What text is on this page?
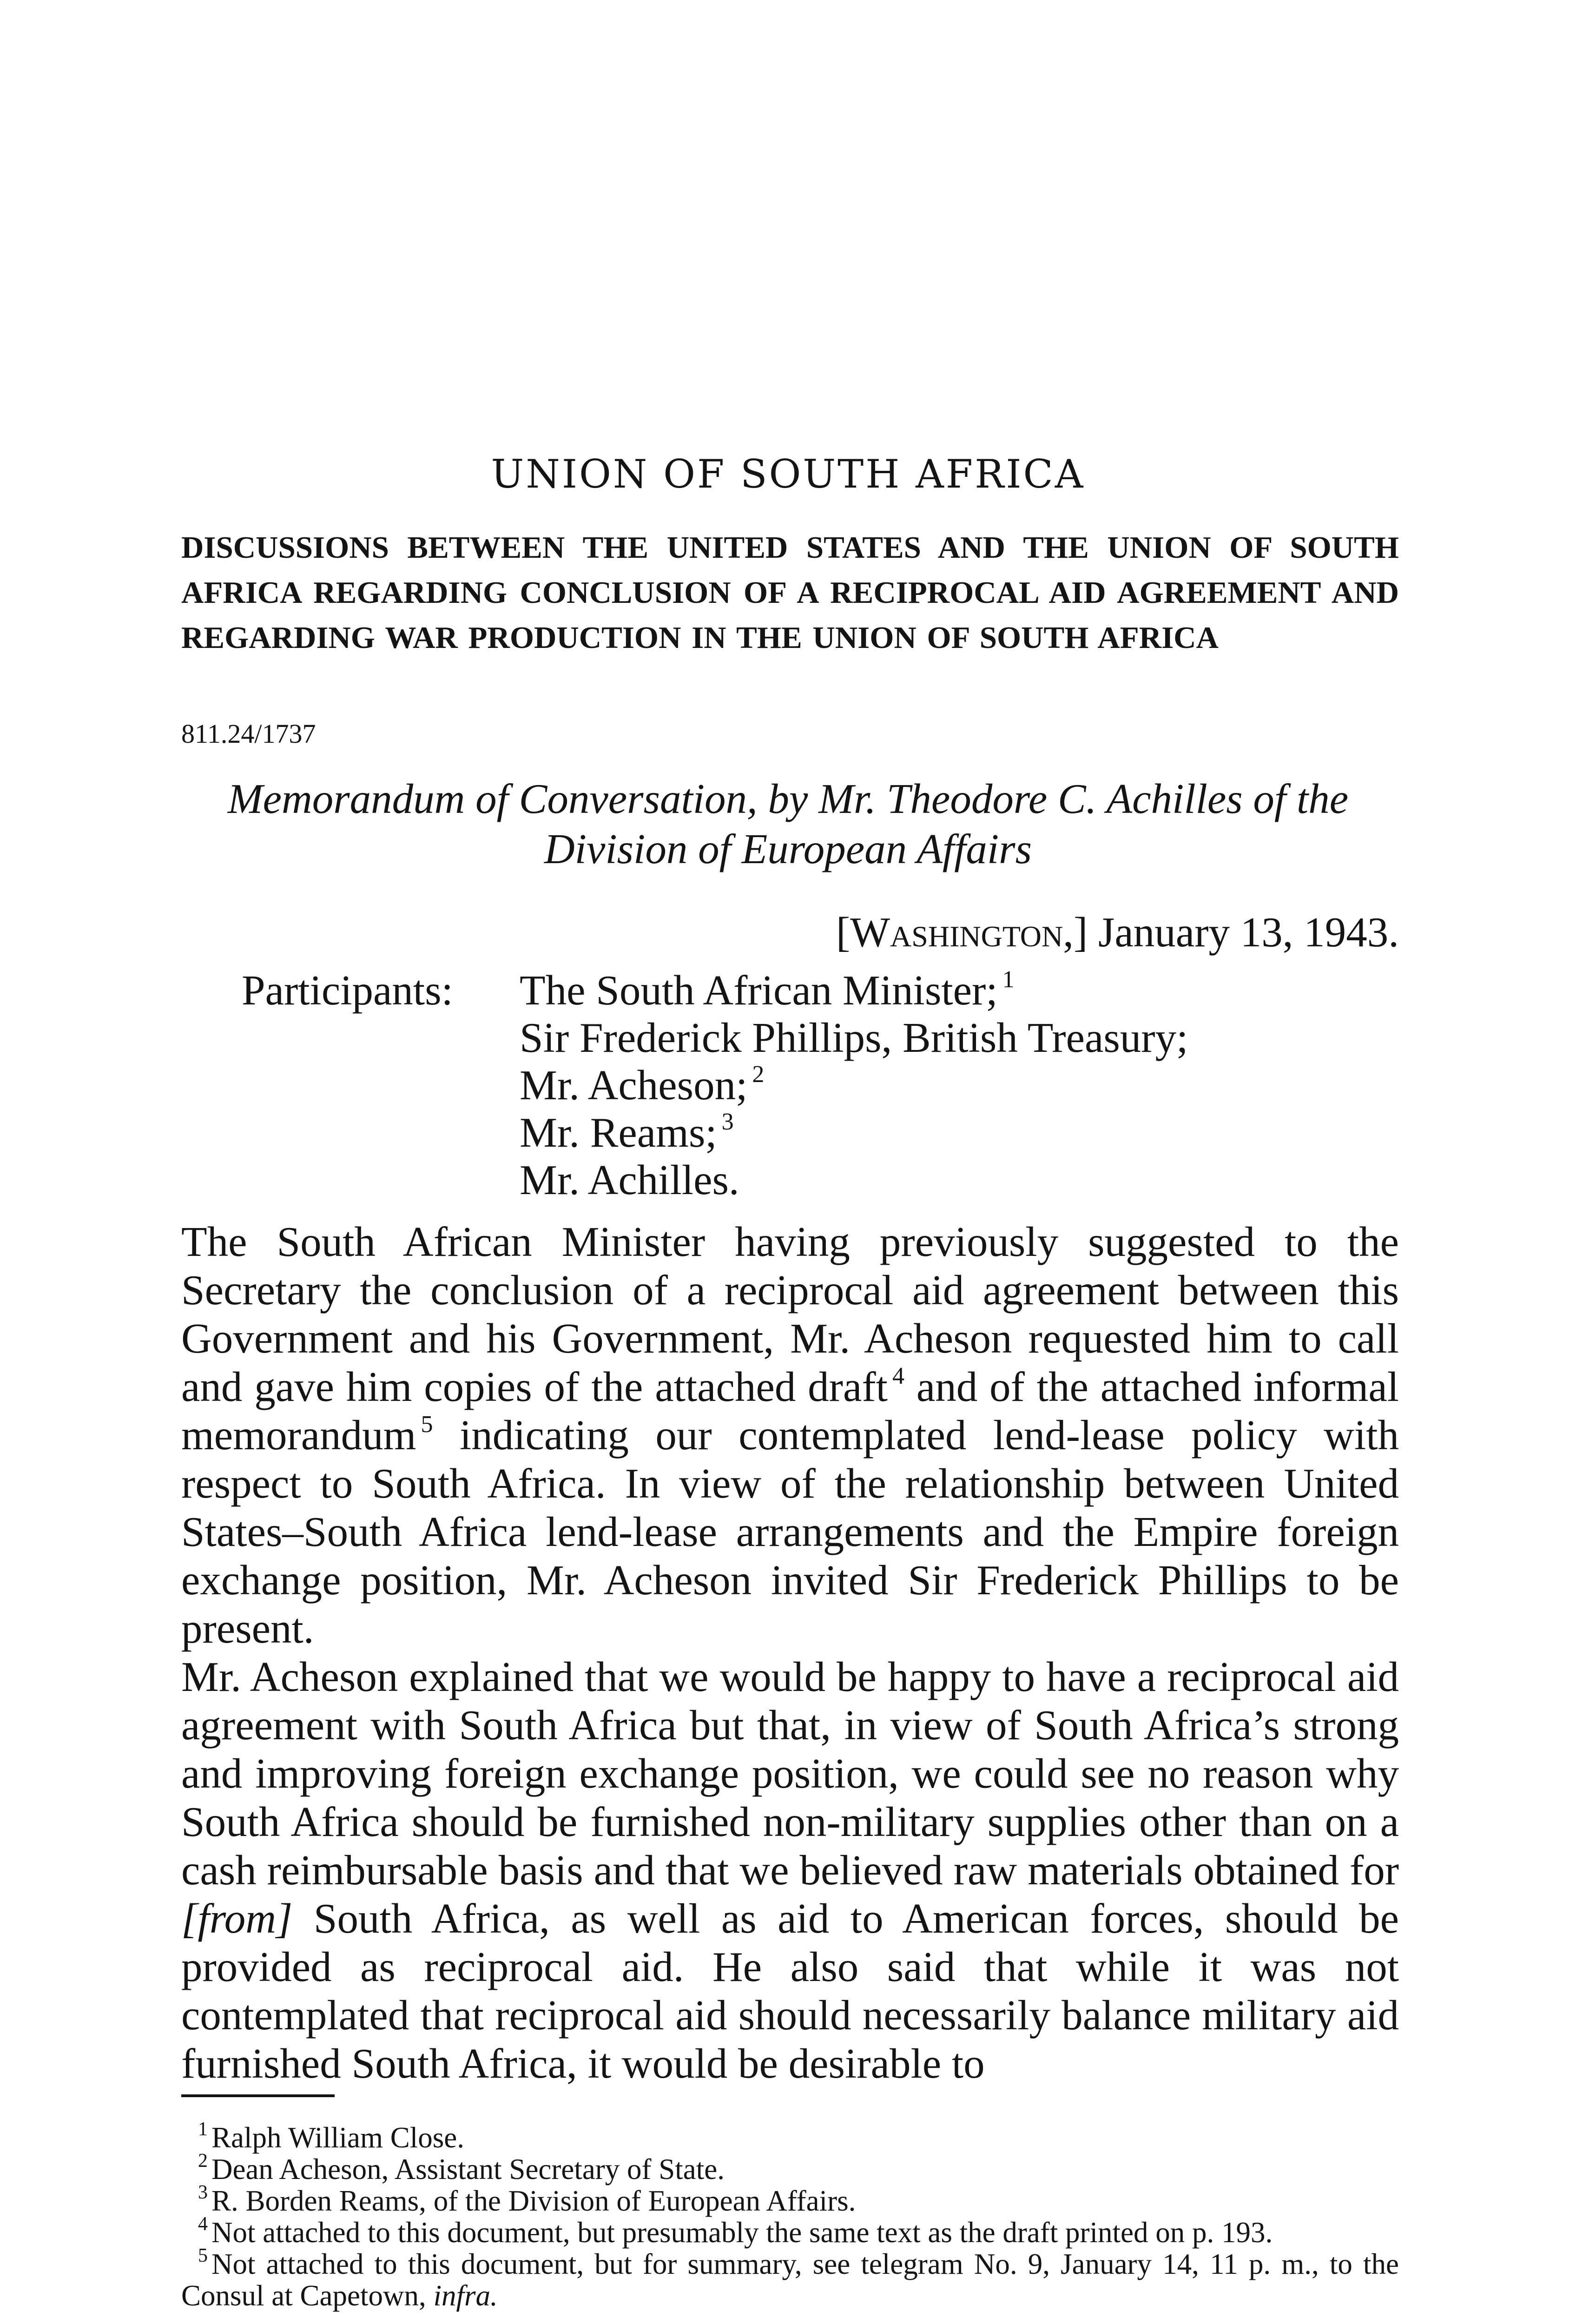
UNION OF SOUTH AFRICA
DISCUSSIONS BETWEEN THE UNITED STATES AND THE UNION OF SOUTH AFRICA REGARDING CONCLUSION OF A RECIPROCAL AID AGREEMENT AND REGARDING WAR PRODUCTION IN THE UNION OF SOUTH AFRICA
811.24/1737
Memorandum of Conversation, by Mr. Theodore C. Achilles of the
Division of European Affairs
[Washington,] January 13, 1943.
Participants: The South African Minister; $^1$
Sir Frederick Phillips, British Treasury;
Mr. Acheson; $^2$
Mr. Reams; $^3$
Mr. Achilles.

The South African Minister having previously suggested to the Secretary the conclusion of a reciprocal aid agreement between this Government and his Government, Mr. Acheson requested him to call and gave him copies of the attached draft $^4$ and of the attached informal memorandum $^5$ indicating our contemplated lend-lease policy with respect to South Africa. In view of the relationship between United States–South Africa lend-lease arrangements and the Empire foreign exchange position, Mr. Acheson invited Sir Frederick Phillips to be present.

Mr. Acheson explained that we would be happy to have a reciprocal aid agreement with South Africa but that, in view of South Africa’s strong and improving foreign exchange position, we could see no reason why South Africa should be furnished non-military supplies other than on a cash reimbursable basis and that we believed raw materials obtained for [from] South Africa, as well as aid to American forces, should be provided as reciprocal aid. He also said that while it was not contemplated that reciprocal aid should necessarily balance military aid furnished South Africa, it would be desirable to

$^1$ Ralph William Close.
$^2$ Dean Acheson, Assistant Secretary of State.
$^3$ R. Borden Reams, of the Division of European Affairs.
$^4$ Not attached to this document, but presumably the same text as the draft printed on p. 193.
$^5$ Not attached to this document, but for summary, see telegram No. 9, January 14, 11 p. m., to the Consul at Capetown, infra.
